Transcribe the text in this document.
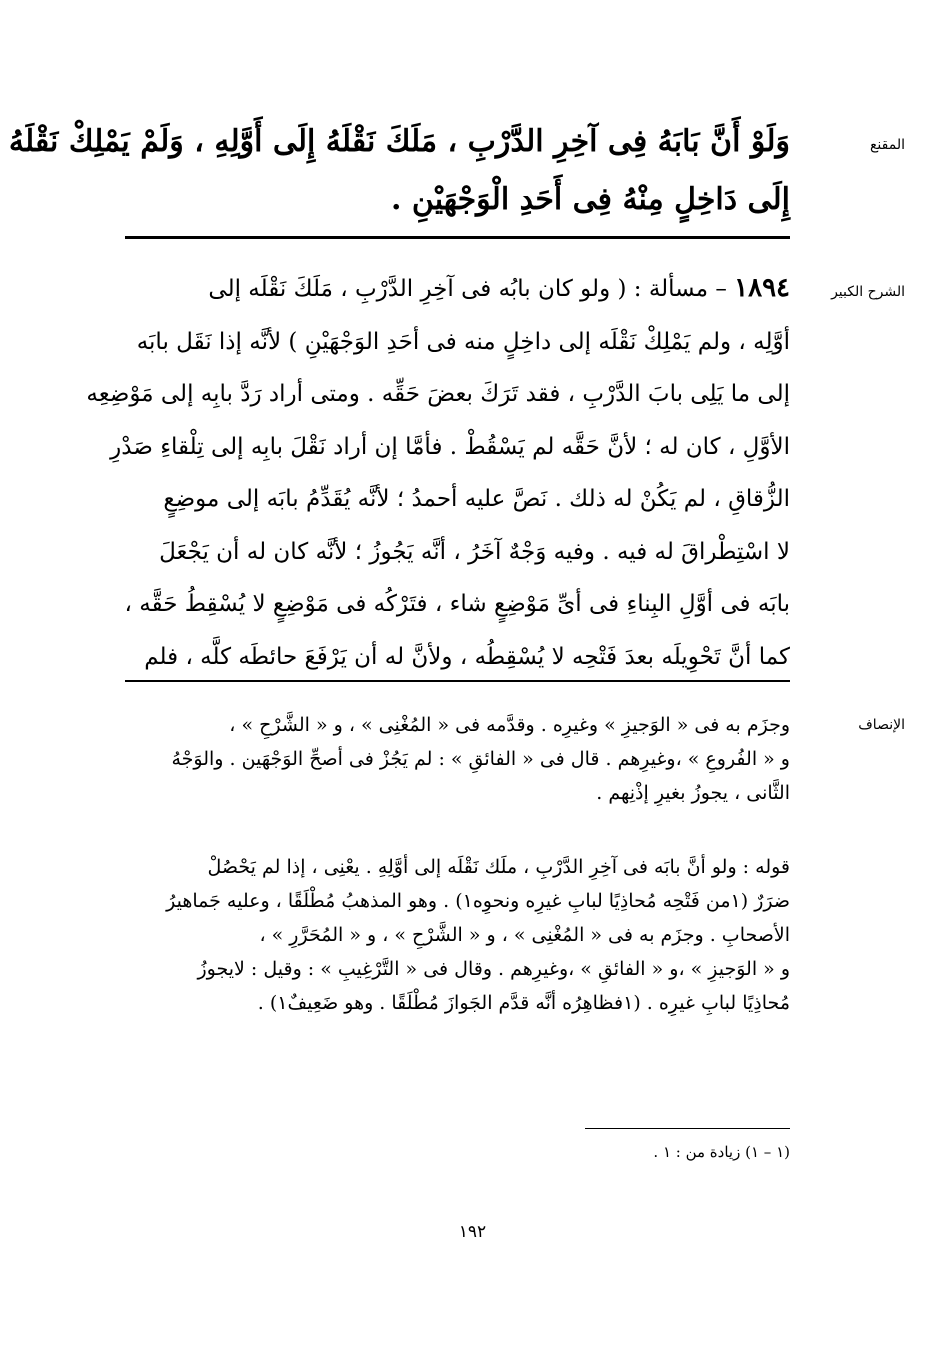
المقنع
وَلَوْ أَنَّ بَابَهُ فِى آخِرِ الدَّرْبِ ، مَلَكَ نَقْلَهُ إِلَى أَوَّلِهِ ، وَلَمْ يَمْلِكْ نَقْلَهُ
إِلَى دَاخِلٍ مِنْهُ فِى أَحَدِ الْوَجْهَيْنِ .
الشرح الكبير
١٨٩٤ – مسألة : ( ولو كان بابُه فى آخِرِ الدَّرْبِ ، مَلَكَ نَقْلَه إلى
أوَّلِه ، ولم يَمْلِكْ نَقْلَه إلى داخِلٍ منه فى أحَدِ الوَجْهَيْنِ ) لأنَّه إذا نَقَل بابَه
إلى ما يَلِى بابَ الدَّرْبِ ، فقد تَرَكَ بعضَ حَقِّه . ومتى أراد رَدَّ بابِه إلى مَوْضِعِه
الأوَّلِ ، كان له ؛ لأنَّ حَقَّه لم يَسْقُطْ . فأمَّا إن أراد نَقْلَ بابِه إلى تِلْقاءِ صَدْرِ
الزُّقاقِ ، لم يَكُنْ له ذلك . نَصَّ عليه أحمدُ ؛ لأنَّه يُقَدِّمُ بابَه إلى موضِعٍ
لا اسْتِطْراقَ له فيه . وفيه وَجْهٌ آخَرُ ، أنَّه يَجُوزُ ؛ لأنَّه كان له أن يَجْعَلَ
بابَه فى أوَّلِ البِناءِ فى أىِّ مَوْضِعٍ شاء ، فتَرْكُه فى مَوْضِعٍ لا يُسْقِطُ حَقَّه ،
كما أنَّ تَحْوِيلَه بعدَ فَتْحِه لا يُسْقِطُه ، ولأنَّ له أن يَرْفَعَ حائطَه كلَّه ، فلم
الإنصاف
وجزَم به فى « الوَجيزِ » وغيرِه . وقدَّمه فى « المُغْنِى » ، و « الشَّرْحِ » ،
و « الفُروعِ » ،وغيرِهم . قال فى « الفائقِ » : لم يَجُزْ فى أصحِّ الوَجْهَين . والوَجْهُ
الثَّانى ، يجوزُ بغيرِ إذْنِهم .
قوله : ولو أنَّ بابَه فى آخِرِ الدَّرْبِ ، ملَك نَقْلَه إلى أوَّلِهِ . يعْنِى ، إذا لم يَحْصُلْ
ضرَرٌ (١من فَتْحِه مُحاذِيًا لبابِ غيرِه ونحوِه١) . وهو المذهبُ مُطْلَقًا ، وعليه جَماهيرُ
الأصحابِ . وجزَم به فى « المُغْنِى » ، و « الشَّرْحِ » ، و « المُحَرَّرِ » ،
و « الوَجيزِ » ،و « الفائقِ » ،وغيرِهم . وقال فى « التَّرْغِيبِ » : وقيل : لايجوزُ
مُحاذِيًا لبابِ غيرِه . (١فظاهِرُه أنَّه قدَّم الجَوازَ مُطْلَقًا . وهو ضَعِيفٌ١) .
(١ – ١) زيادة من : ١ .
١٩٢
